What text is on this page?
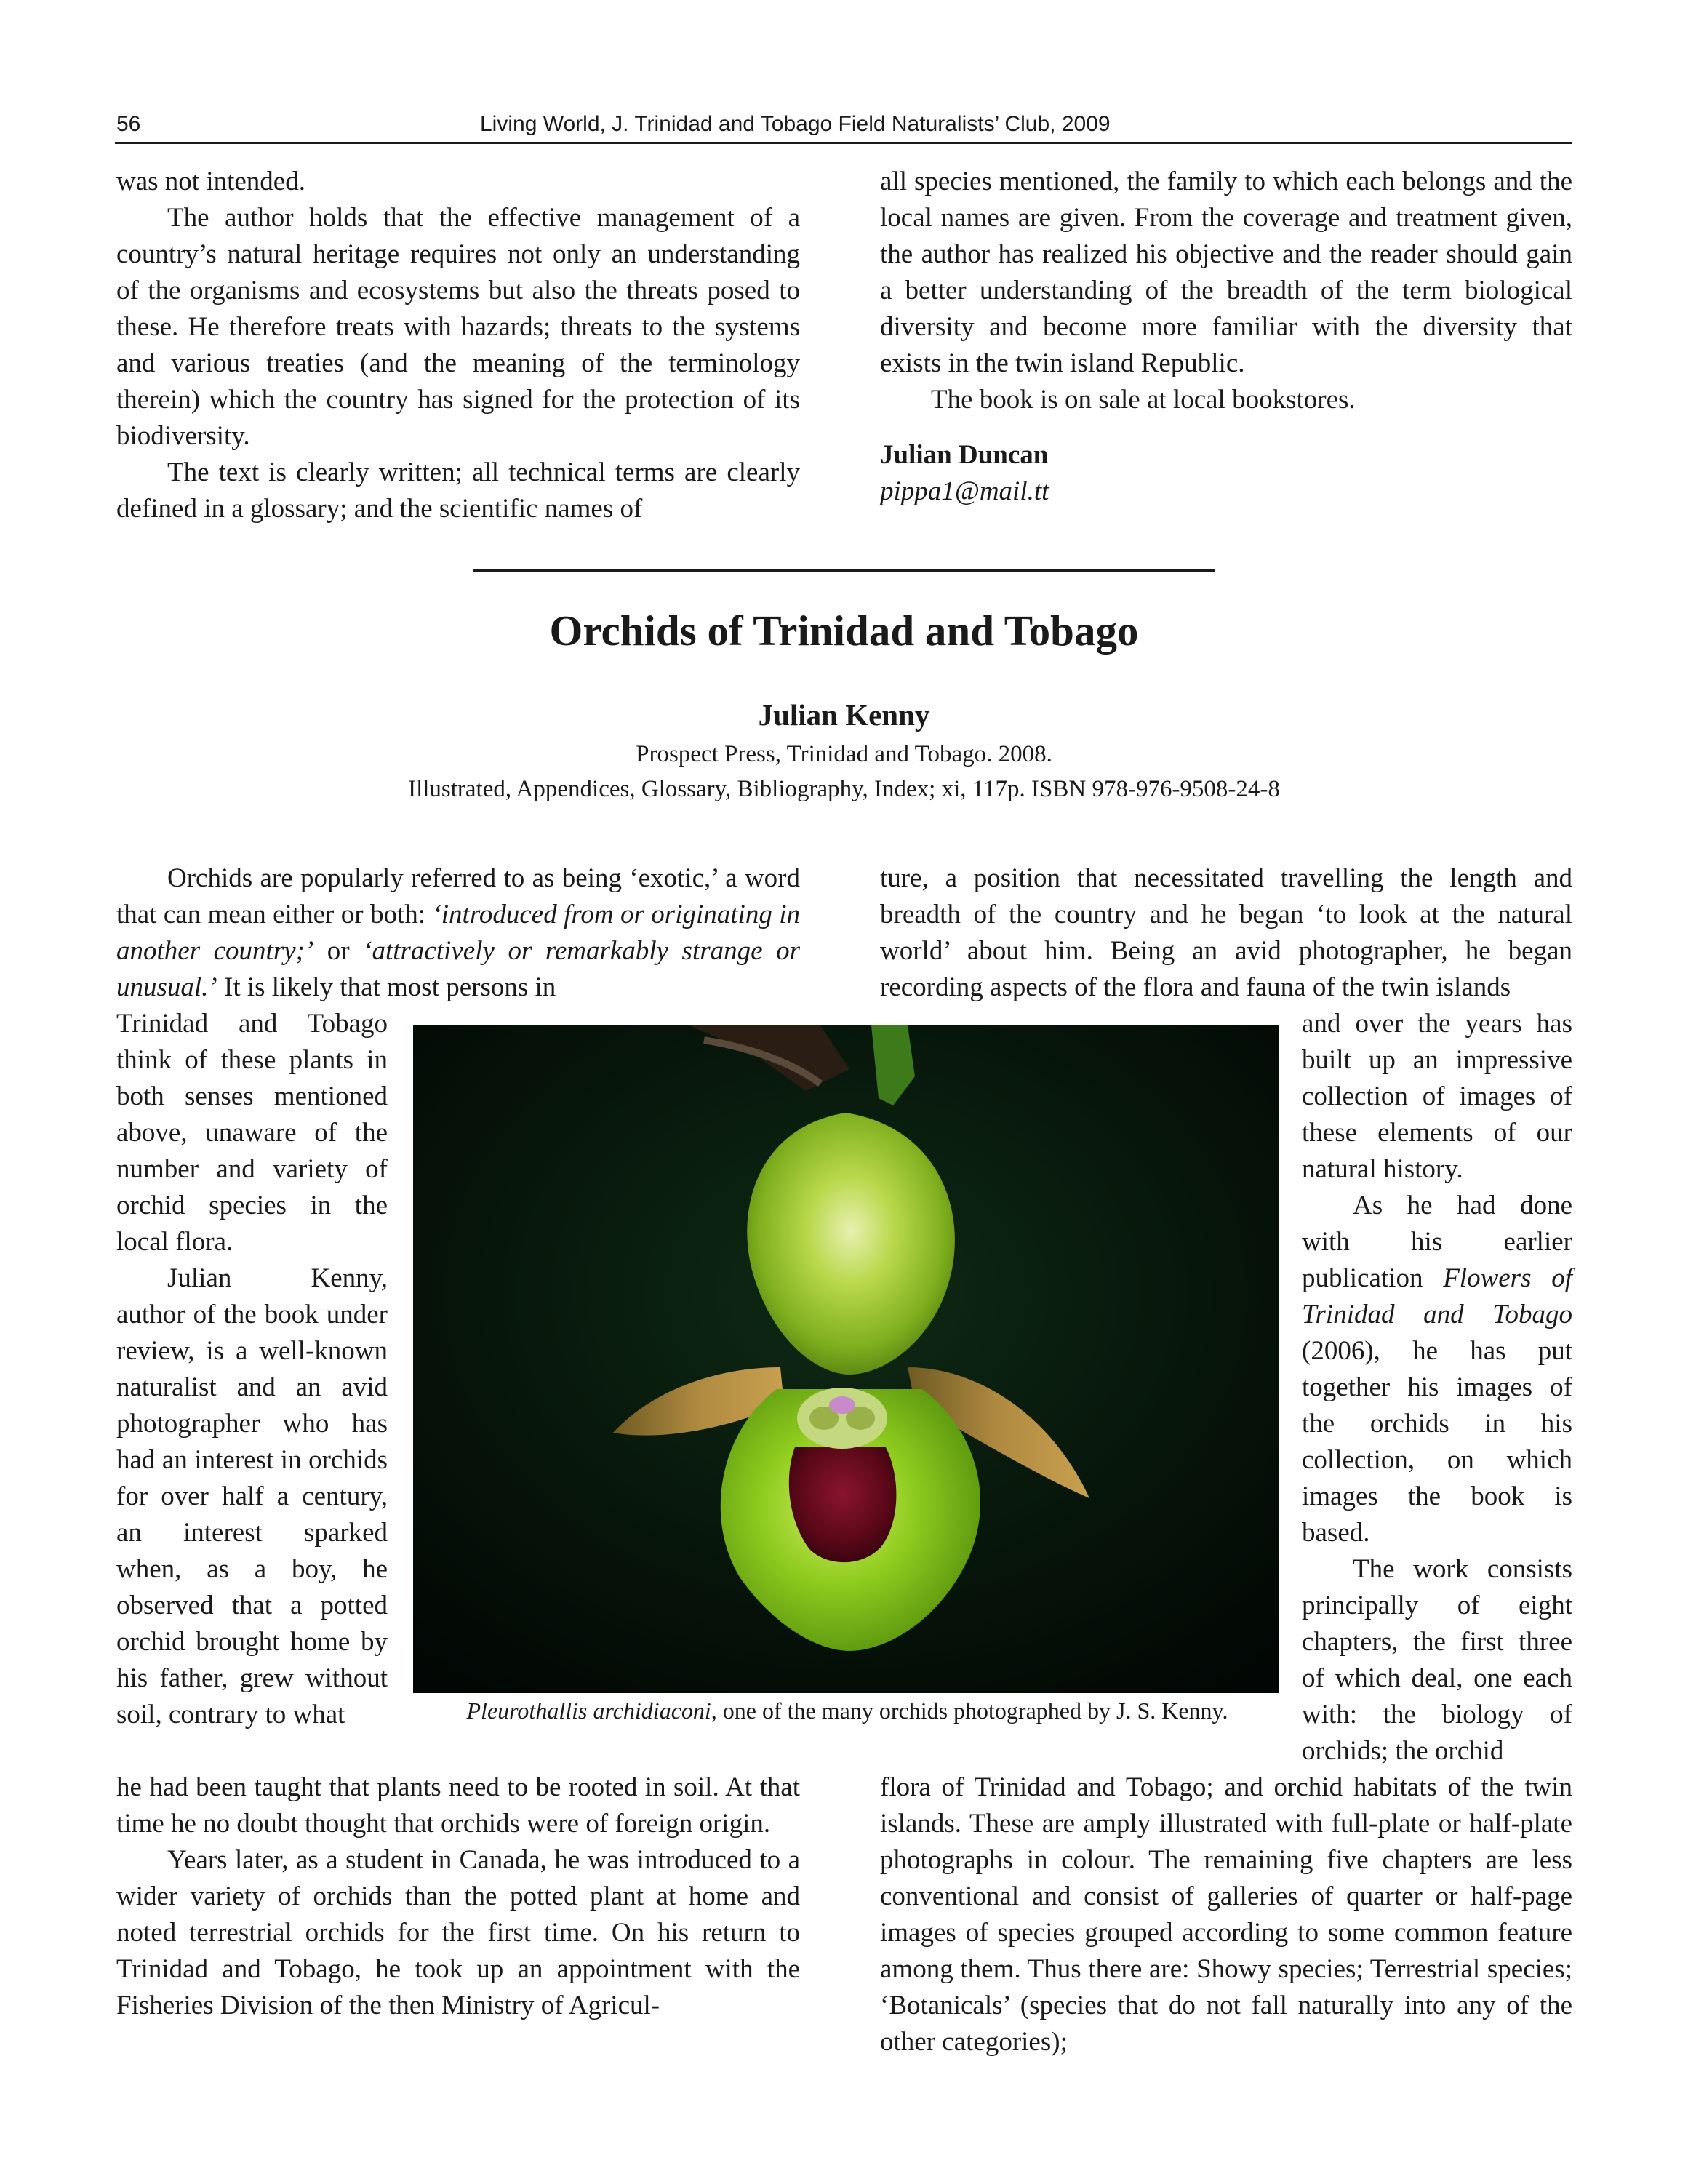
56	Living World, J. Trinidad and Tobago Field Naturalists’ Club, 2009

was not intended.

The author holds that the effective management of a country’s natural heritage requires not only an understanding of the organisms and ecosystems but also the threats posed to these. He therefore treats with hazards; threats to the systems and various treaties (and the meaning of the terminology therein) which the country has signed for the protection of its biodiversity.

The text is clearly written; all technical terms are clearly defined in a glossary; and the scientific names of

all species mentioned, the family to which each belongs and the local names are given. From the coverage and treatment given, the author has realized his objective and the reader should gain a better understanding of the breadth of the term biological diversity and become more familiar with the diversity that exists in the twin island Republic.

The book is on sale at local bookstores.

Julian Duncan

pippa1@mail.tt

Orchids of Trinidad and Tobago
Julian Kenny
Prospect Press, Trinidad and Tobago. 2008.
Illustrated, Appendices, Glossary, Bibliography, Index; xi, 117p. ISBN 978-976-9508-24-8

Orchids are popularly referred to as being ‘exotic,’ a word that can mean either or both: ‘introduced from or originating in another country;’ or ‘attractively or remarkably strange or unusual.’ It is likely that most persons in

Trinidad and Tobago think of these plants in both senses mentioned above, unaware of the number and variety of orchid species in the local flora.

Julian Kenny, author of the book under review, is a well-known naturalist and an avid photographer who has had an interest in orchids for over half a century, an interest sparked when, as a boy, he observed that a potted orchid brought home by his father, grew without soil, contrary to what

he had been taught that plants need to be rooted in soil. At that time he no doubt thought that orchids were of foreign origin.

Years later, as a student in Canada, he was introduced to a wider variety of orchids than the potted plant at home and noted terrestrial orchids for the first time. On his return to Trinidad and Tobago, he took up an appointment with the Fisheries Division of the then Ministry of Agricul-

ture, a position that necessitated travelling the length and breadth of the country and he began ‘to look at the natural world’ about him. Being an avid photographer, he began recording aspects of the flora and fauna of the twin islands

and over the years has built up an impressive collection of images of these elements of our natural history.

As he had done with his earlier publication Flowers of Trinidad and Tobago (2006), he has put together his images of the orchids in his collection, on which images the book is based.

The work consists principally of eight chapters, the first three of which deal, one each with: the biology of orchids; the orchid

flora of Trinidad and Tobago; and orchid habitats of the twin islands. These are amply illustrated with full-plate or half-plate photographs in colour. The remaining five chapters are less conventional and consist of galleries of quarter or half-page images of species grouped according to some common feature among them. Thus there are: Showy species; Terrestrial species; ‘Botanicals’ (species that do not fall naturally into any of the other categories);

Pleurothallis archidiaconi, one of the many orchids photographed by J. S. Kenny.
